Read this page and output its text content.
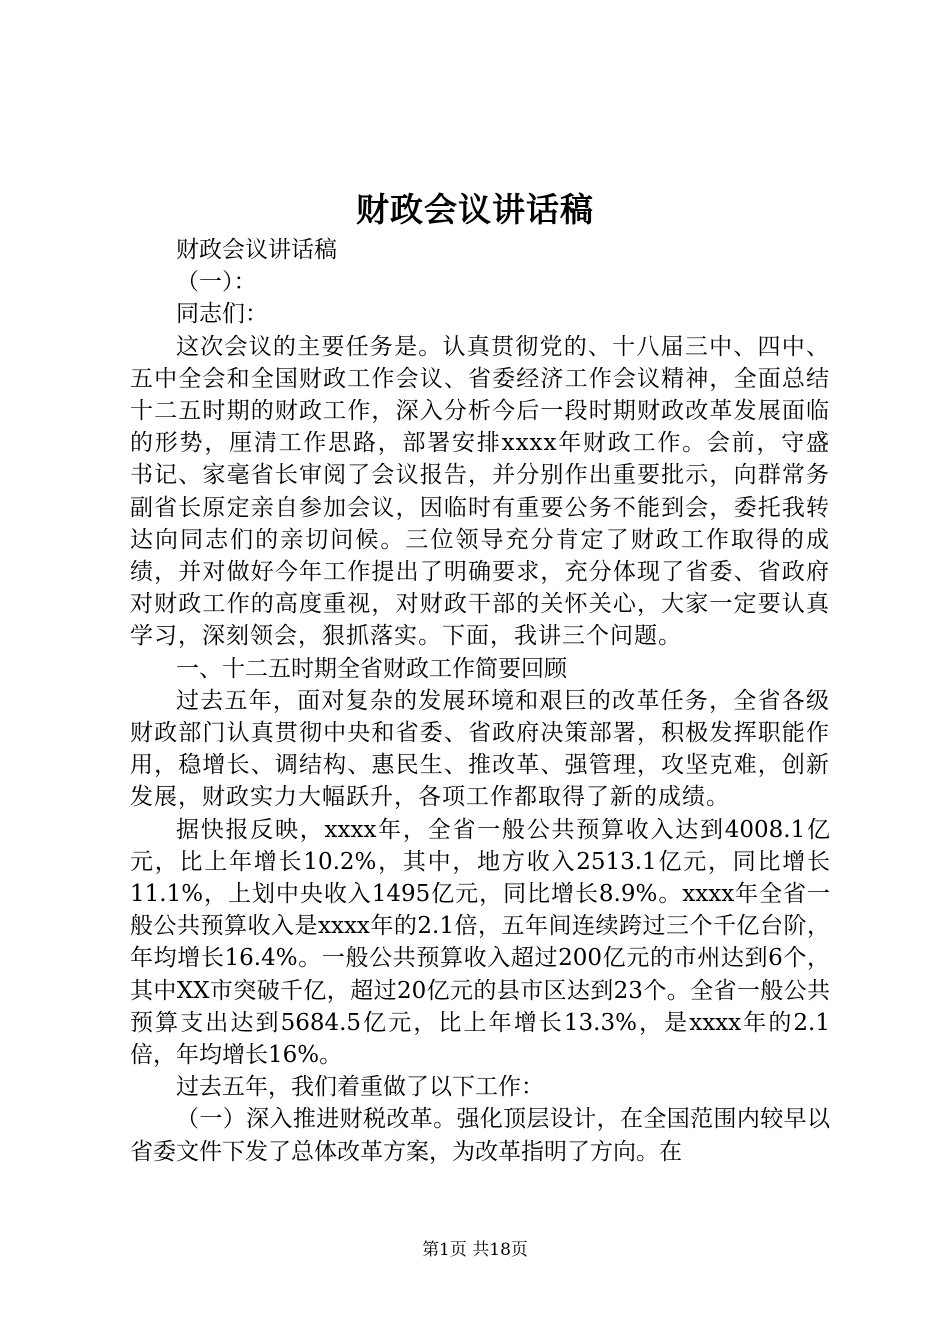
财政会议讲话稿

财政会议讲话稿

（一）：

同志们：

这次会议的主要任务是。认真贯彻党的、十八届三中、四中、五中全会和全国财政工作会议、省委经济工作会议精神，全面总结十二五时期的财政工作，深入分析今后一段时期财政改革发展面临的形势，厘清工作思路，部署安排xxxx年财政工作。会前，守盛书记、家毫省长审阅了会议报告，并分别作出重要批示，向群常务副省长原定亲自参加会议，因临时有重要公务不能到会，委托我转达向同志们的亲切问候。三位领导充分肯定了财政工作取得的成绩，并对做好今年工作提出了明确要求，充分体现了省委、省政府对财政工作的高度重视，对财政干部的关怀关心，大家一定要认真学习，深刻领会，狠抓落实。下面，我讲三个问题。

一、十二五时期全省财政工作简要回顾

过去五年，面对复杂的发展环境和艰巨的改革任务，全省各级财政部门认真贯彻中央和省委、省政府决策部署，积极发挥职能作用，稳增长、调结构、惠民生、推改革、强管理，攻坚克难，创新发展，财政实力大幅跃升，各项工作都取得了新的成绩。

据快报反映，xxxx年，全省一般公共预算收入达到4008.1亿元，比上年增长10.2%，其中，地方收入2513.1亿元，同比增长11.1%，上划中央收入1495亿元，同比增长8.9%。xxxx年全省一般公共预算收入是xxxx年的2.1倍，五年间连续跨过三个千亿台阶，年均增长16.4%。一般公共预算收入超过200亿元的市州达到6个，其中XX市突破千亿，超过20亿元的县市区达到23个。全省一般公共预算支出达到5684.5亿元，比上年增长13.3%，是xxxx年的2.1倍，年均增长16%。

过去五年，我们着重做了以下工作：

（一）深入推进财税改革。强化顶层设计，在全国范围内较早以省委文件下发了总体改革方案，为改革指明了方向。在

第1页 共18页
